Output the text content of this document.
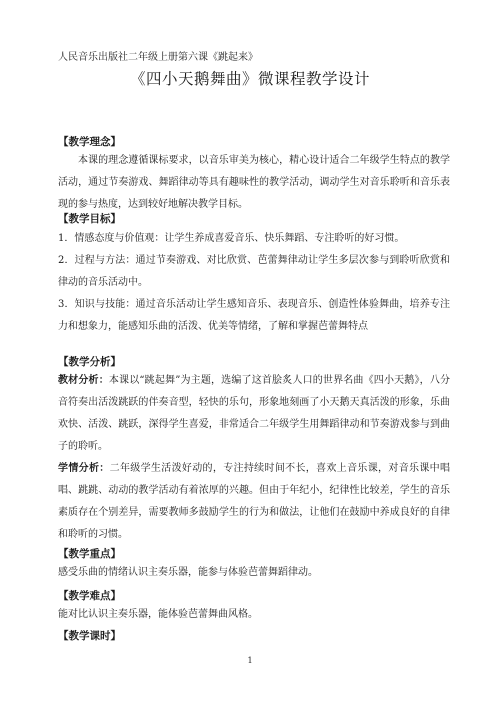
人民音乐出版社二年级上册第六课《跳起来》
《四小天鹅舞曲》微课程教学设计
【教学理念】
本课的理念遵循课标要求，以音乐审美为核心，精心设计适合二年级学生特点的教学活动，通过节奏游戏、舞蹈律动等具有趣味性的教学活动，调动学生对音乐聆听和音乐表现的参与热度，达到较好地解决教学目标。
【教学目标】
1．情感态度与价值观：让学生养成喜爱音乐、快乐舞蹈、专注聆听的好习惯。
2．过程与方法：通过节奏游戏、对比欣赏、芭蕾舞律动让学生多层次参与到聆听欣赏和律动的音乐活动中。
3．知识与技能：通过音乐活动让学生感知音乐、表现音乐、创造性体验舞曲，培养专注力和想象力，能感知乐曲的活泼、优美等情绪，了解和掌握芭蕾舞特点
【教学分析】
教材分析：本课以“跳起舞”为主题，选编了这首脍炙人口的世界名曲《四小天鹅》，八分音符奏出活泼跳跃的伴奏音型，轻快的乐句，形象地刻画了小天鹅天真活泼的形象，乐曲欢快、活泼、跳跃，深得学生喜爱，非常适合二年级学生用舞蹈律动和节奏游戏参与到曲子的聆听。
学情分析：二年级学生活泼好动的，专注持续时间不长，喜欢上音乐课，对音乐课中唱唱、跳跳、动动的教学活动有着浓厚的兴趣。但由于年纪小，纪律性比较差，学生的音乐素质存在个别差异，需要教师多鼓励学生的行为和做法，让他们在鼓励中养成良好的自律和聆听的习惯。
【教学重点】
感受乐曲的情绪认识主奏乐器，能参与体验芭蕾舞蹈律动。
【教学难点】
能对比认识主奏乐器，能体验芭蕾舞曲风格。
【教学课时】
1
